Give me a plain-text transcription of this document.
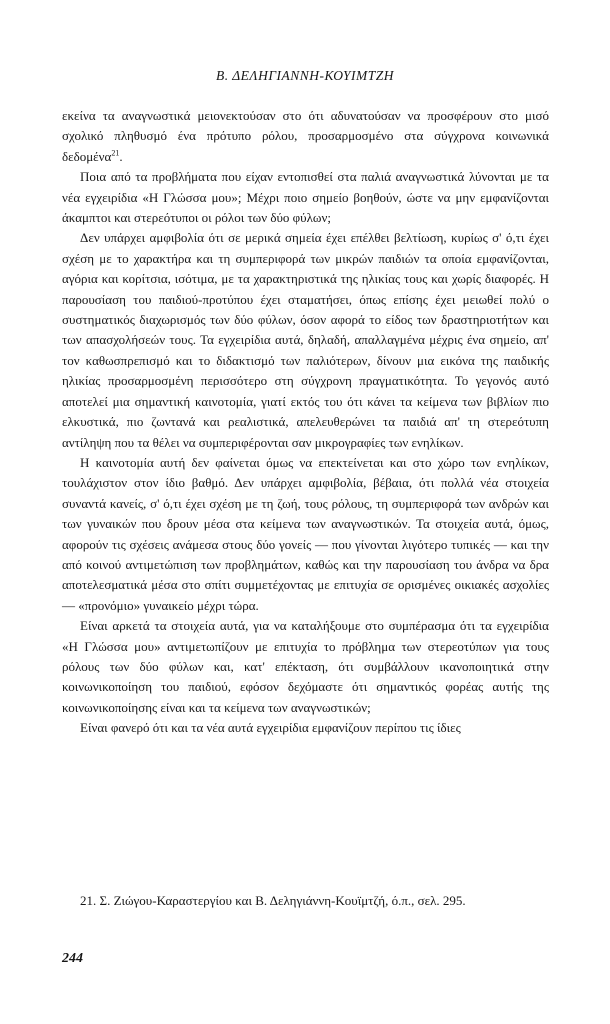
Β. ΔΕΛΗΓΙΑΝΝΗ-ΚΟΥΙΜΤΖΗ

εκείνα τα αναγνωστικά μειονεκτούσαν στο ότι αδυνατούσαν να προσφέρουν στο μισό σχολικό πληθυσμό ένα πρότυπο ρόλου, προσαρμοσμένο στα σύγχρονα κοινωνικά δεδομένα$^{21}$.

Ποια από τα προβλήματα που είχαν εντοπισθεί στα παλιά αναγνωστικά λύνονται με τα νέα εγχειρίδια «Η Γλώσσα μου»; Μέχρι ποιο σημείο βοηθούν, ώστε να μην εμφανίζονται άκαμπτοι και στερεότυποι οι ρόλοι των δύο φύλων;

Δεν υπάρχει αμφιβολία ότι σε μερικά σημεία έχει επέλθει βελτίωση, κυρίως σ' ό,τι έχει σχέση με το χαρακτήρα και τη συμπεριφορά των μικρών παιδιών τα οποία εμφανίζονται, αγόρια και κορίτσια, ισότιμα, με τα χαρακτηριστικά της ηλικίας τους και χωρίς διαφορές. Η παρουσίαση του παιδιού-προτύπου έχει σταματήσει, όπως επίσης έχει μειωθεί πολύ ο συστηματικός διαχωρισμός των δύο φύλων, όσον αφορά το είδος των δραστηριοτήτων και των απασχολήσεών τους. Τα εγχειρίδια αυτά, δηλαδή, απαλλαγμένα μέχρις ένα σημείο, απ' τον καθωσπρεπισμό και το διδακτισμό των παλιότερων, δίνουν μια εικόνα της παιδικής ηλικίας προσαρμοσμένη περισσότερο στη σύγχρονη πραγματικότητα. Το γεγονός αυτό αποτελεί μια σημαντική καινοτομία, γιατί εκτός του ότι κάνει τα κείμενα των βιβλίων πιο ελκυστικά, πιο ζωντανά και ρεαλιστικά, απελευθερώνει τα παιδιά απ' τη στερεότυπη αντίληψη που τα θέλει να συμπεριφέρονται σαν μικρογραφίες των ενηλίκων.

Η καινοτομία αυτή δεν φαίνεται όμως να επεκτείνεται και στο χώρο των ενηλίκων, τουλάχιστον στον ίδιο βαθμό. Δεν υπάρχει αμφιβολία, βέβαια, ότι πολλά νέα στοιχεία συναντά κανείς, σ' ό,τι έχει σχέση με τη ζωή, τους ρόλους, τη συμπεριφορά των ανδρών και των γυναικών που δρουν μέσα στα κείμενα των αναγνωστικών. Τα στοιχεία αυτά, όμως, αφορούν τις σχέσεις ανάμεσα στους δύο γονείς — που γίνονται λιγότερο τυπικές — και την από κοινού αντιμετώπιση των προβλημάτων, καθώς και την παρουσίαση του άνδρα να δρα αποτελεσματικά μέσα στο σπίτι συμμετέχοντας με επιτυχία σε ορισμένες οικιακές ασχολίες — «προνόμιο» γυναικείο μέχρι τώρα.

Είναι αρκετά τα στοιχεία αυτά, για να καταλήξουμε στο συμπέρασμα ότι τα εγχειρίδια «Η Γλώσσα μου» αντιμετωπίζουν με επιτυχία το πρόβλημα των στερεοτύπων για τους ρόλους των δύο φύλων και, κατ' επέκταση, ότι συμβάλλουν ικανοποιητικά στην κοινωνικοποίηση του παιδιού, εφόσον δεχόμαστε ότι σημαντικός φορέας αυτής της κοινωνικοποίησης είναι και τα κείμενα των αναγνωστικών;

Είναι φανερό ότι και τα νέα αυτά εγχειρίδια εμφανίζουν περίπου τις ίδιες

21. Σ. Ζιώγου-Καραστεργίου και Β. Δεληγιάννη-Κουϊμτζή, ό.π., σελ. 295.
244
